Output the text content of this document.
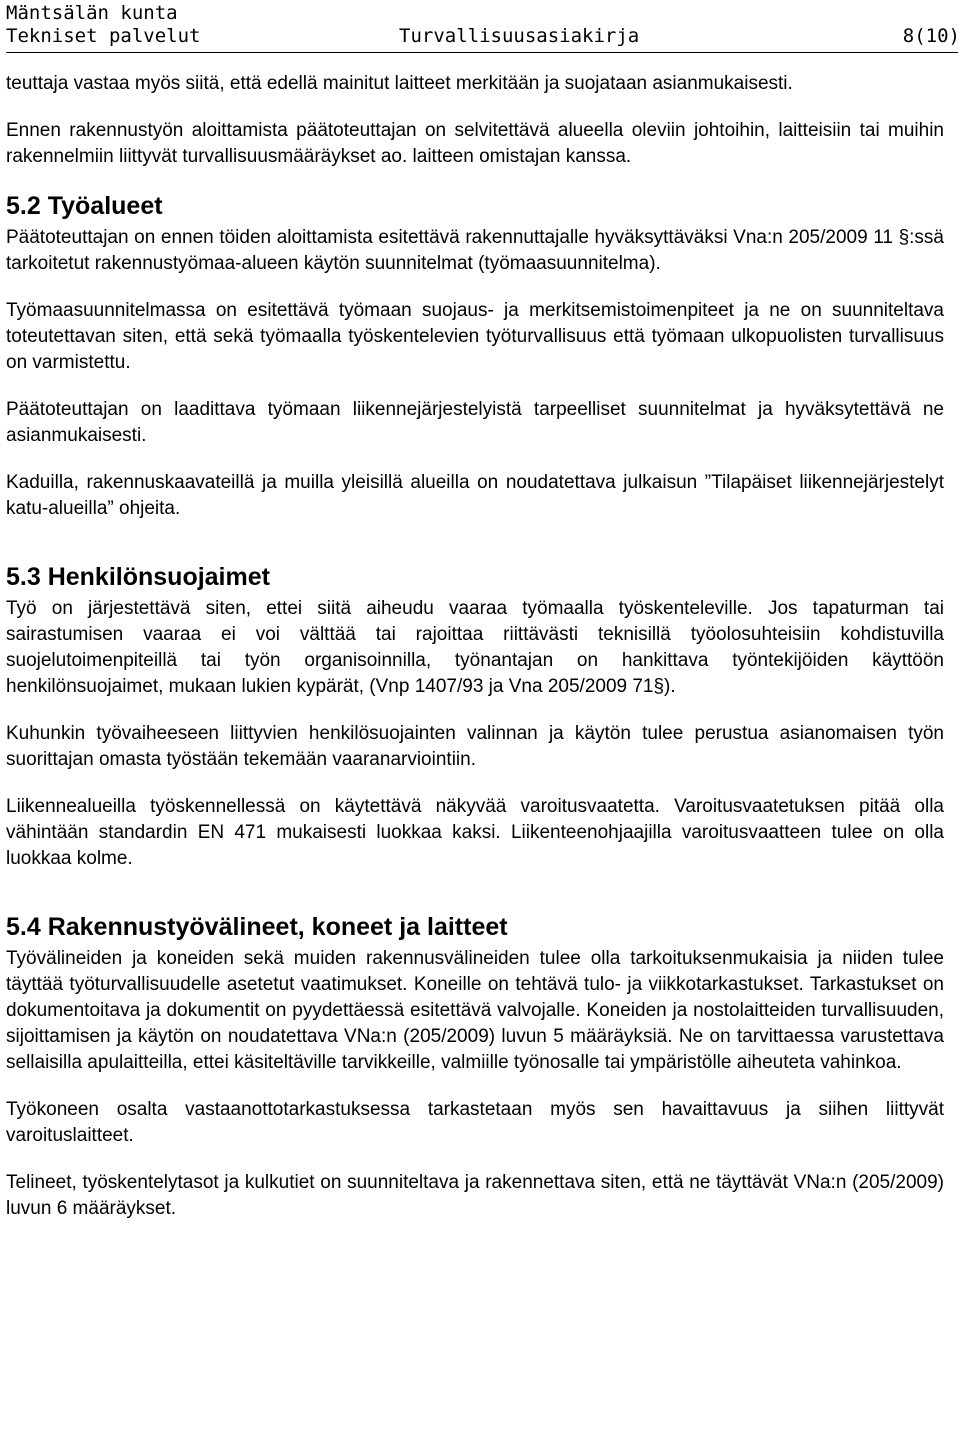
Mäntsälän kunta
Tekniset palvelut	Turvallisuusasiakirja	8(10)

teuttaja vastaa myös siitä, että edellä mainitut laitteet merkitään ja suojataan asianmukaisesti.

Ennen rakennustyön aloittamista päätoteuttajan on selvitettävä alueella oleviin johtoihin, laitteisiin tai muihin rakennelmiin liittyvät turvallisuusmääräykset ao. laitteen omistajan kanssa.

5.2 Työalueet

Päätoteuttajan on ennen töiden aloittamista esitettävä rakennuttajalle hyväksyttäväksi Vna:n 205/2009 11 §:ssä tarkoitetut rakennustyömaa-alueen käytön suunnitelmat (työmaasuunnitelma).

Työmaasuunnitelmassa on esitettävä työmaan suojaus- ja merkitsemistoimenpiteet ja ne on suunniteltava toteutettavan siten, että sekä työmaalla työskentelevien työturvallisuus että työmaan ulkopuolisten turvallisuus on varmistettu.

Päätoteuttajan on laadittava työmaan liikennejärjestelyistä tarpeelliset suunnitelmat ja hyväksytettävä ne asianmukaisesti.

Kaduilla, rakennuskaavateillä ja muilla yleisillä alueilla on noudatettava julkaisun ”Tilapäiset liikennejärjestelyt katu-alueilla” ohjeita.

5.3 Henkilönsuojaimet

Työ on järjestettävä siten, ettei siitä aiheudu vaaraa työmaalla työskenteleville. Jos tapaturman tai sairastumisen vaaraa ei voi välttää tai rajoittaa riittävästi teknisillä työolosuhteisiin kohdistuvilla suojelutoimenpiteillä tai työn organisoinnilla, työnantajan on hankittava työntekijöiden käyttöön henkilönsuojaimet, mukaan lukien kypärät, (Vnp 1407/93 ja Vna 205/2009 71§).

Kuhunkin työvaiheeseen liittyvien henkilösuojainten valinnan ja käytön tulee perustua asianomaisen työn suorittajan omasta työstään tekemään vaaranarviointiin.

Liikennealueilla työskennellessä on käytettävä näkyvää varoitusvaatetta. Varoitusvaatetuksen pitää olla vähintään standardin EN 471 mukaisesti luokkaa kaksi. Liikenteenohjaajilla varoitusvaatteen tulee on olla luokkaa kolme.

5.4 Rakennustyövälineet, koneet ja laitteet

Työvälineiden ja koneiden sekä muiden rakennusvälineiden tulee olla tarkoituksenmukaisia ja niiden tulee täyttää työturvallisuudelle asetetut vaatimukset. Koneille on tehtävä tulo- ja viikkotarkastukset. Tarkastukset on dokumentoitava ja dokumentit on pyydettäessä esitettävä valvojalle. Koneiden ja nostolaitteiden turvallisuuden, sijoittamisen ja käytön on noudatettava VNa:n (205/2009) luvun 5 määräyksiä. Ne on tarvittaessa varustettava sellaisilla apulaitteilla, ettei käsiteltäville tarvikkeille, valmiille työnosalle tai ympäristölle aiheuteta vahinkoa.

Työkoneen osalta vastaanottotarkastuksessa tarkastetaan myös sen havaittavuus ja siihen liittyvät varoituslaitteet.

Telineet, työskentelytasot ja kulkutiet on suunniteltava ja rakennettava siten, että ne täyttävät VNa:n (205/2009) luvun 6 määräykset.
